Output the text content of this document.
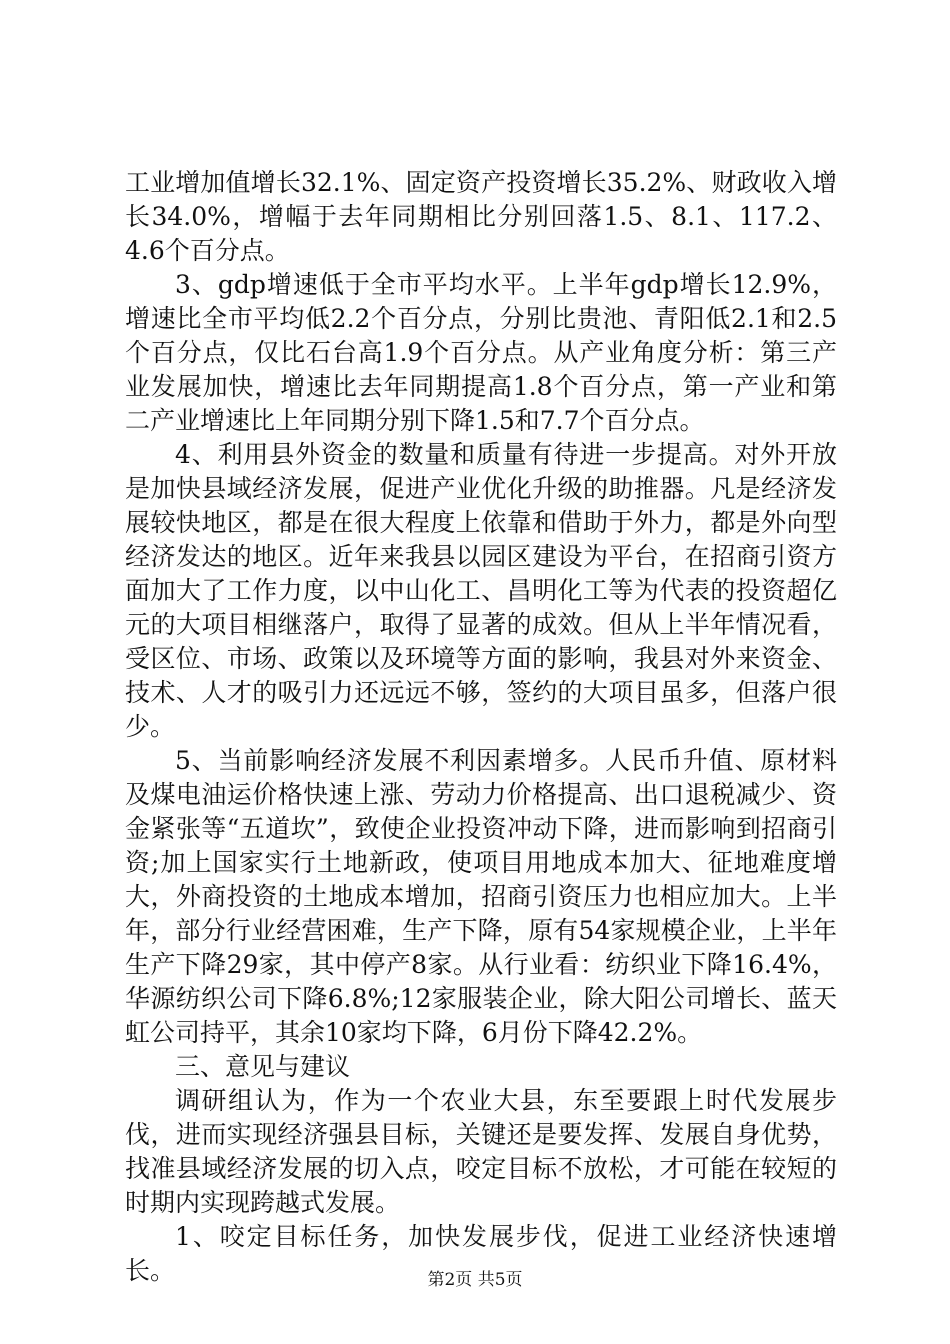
工业增加值增长32.1%、固定资产投资增长35.2%、财政收入增长34.0%，增幅于去年同期相比分别回落1.5、8.1、117.2、4.6个百分点。

3、gdp增速低于全市平均水平。上半年gdp增长12.9%，增速比全市平均低2.2个百分点，分别比贵池、青阳低2.1和2.5个百分点，仅比石台高1.9个百分点。从产业角度分析：第三产业发展加快，增速比去年同期提高1.8个百分点，第一产业和第二产业增速比上年同期分别下降1.5和7.7个百分点。

4、利用县外资金的数量和质量有待进一步提高。对外开放是加快县域经济发展，促进产业优化升级的助推器。凡是经济发展较快地区，都是在很大程度上依靠和借助于外力，都是外向型经济发达的地区。近年来我县以园区建设为平台，在招商引资方面加大了工作力度，以中山化工、昌明化工等为代表的投资超亿元的大项目相继落户，取得了显著的成效。但从上半年情况看，受区位、市场、政策以及环境等方面的影响，我县对外来资金、技术、人才的吸引力还远远不够，签约的大项目虽多，但落户很少。

5、当前影响经济发展不利因素增多。人民币升值、原材料及煤电油运价格快速上涨、劳动力价格提高、出口退税减少、资金紧张等“五道坎”，致使企业投资冲动下降，进而影响到招商引资;加上国家实行土地新政，使项目用地成本加大、征地难度增大，外商投资的土地成本增加，招商引资压力也相应加大。上半年，部分行业经营困难，生产下降，原有54家规模企业，上半年生产下降29家，其中停产8家。从行业看：纺织业下降16.4%，华源纺织公司下降6.8%;12家服装企业，除大阳公司增长、蓝天虹公司持平，其余10家均下降，6月份下降42.2%。

三、意见与建议

调研组认为，作为一个农业大县，东至要跟上时代发展步伐，进而实现经济强县目标，关键还是要发挥、发展自身优势，找准县域经济发展的切入点，咬定目标不放松，才可能在较短的时期内实现跨越式发展。

1、咬定目标任务，加快发展步伐，促进工业经济快速增长。	第2页 共5页
